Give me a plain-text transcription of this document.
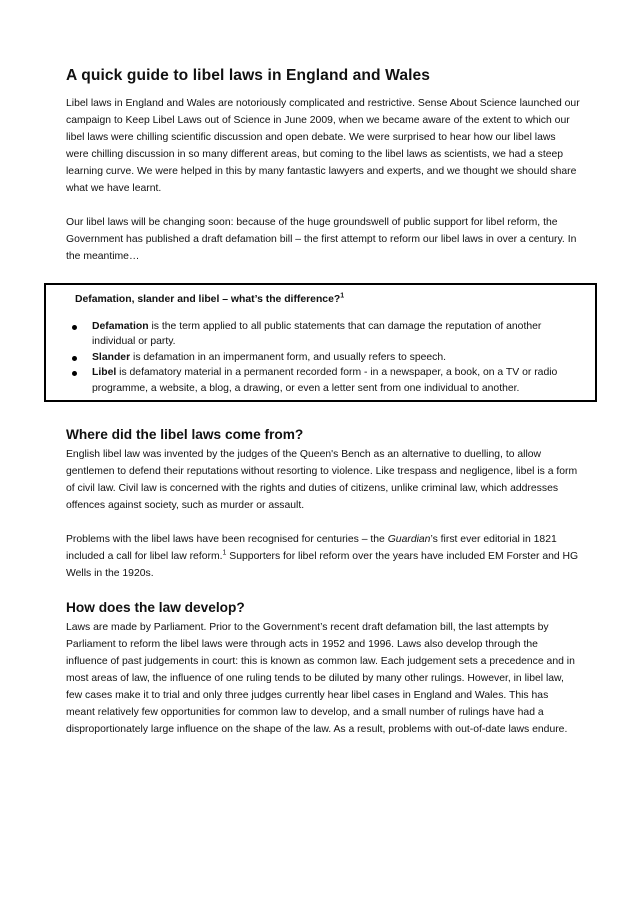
A quick guide to libel laws in England and Wales

Libel laws in England and Wales are notoriously complicated and restrictive. Sense About Science launched our campaign to Keep Libel Laws out of Science in June 2009, when we became aware of the extent to which our libel laws were chilling scientific discussion and open debate. We were surprised to hear how our libel laws were chilling discussion in so many different areas, but coming to the libel laws as scientists, we had a steep learning curve. We were helped in this by many fantastic lawyers and experts, and we thought we should share what we have learnt.

Our libel laws will be changing soon: because of the huge groundswell of public support for libel reform, the Government has published a draft defamation bill – the first attempt to reform our libel laws in over a century. In the meantime…

Defamation, slander and libel – what’s the difference?$^1$
Defamation is the term applied to all public statements that can damage the reputation of another individual or party.
Slander is defamation in an impermanent form, and usually refers to speech.
Libel is defamatory material in a permanent recorded form - in a newspaper, a book, on a TV or radio programme, a website, a blog, a drawing, or even a letter sent from one individual to another.
Where did the libel laws come from?

English libel law was invented by the judges of the Queen's Bench as an alternative to duelling, to allow gentlemen to defend their reputations without resorting to violence. Like trespass and negligence, libel is a form of civil law. Civil law is concerned with the rights and duties of citizens, unlike criminal law, which addresses offences against society, such as murder or assault.

Problems with the libel laws have been recognised for centuries – the Guardian’s first ever editorial in 1821 included a call for libel law reform.$^1$ Supporters for libel reform over the years have included EM Forster and HG Wells in the 1920s.

How does the law develop?

Laws are made by Parliament. Prior to the Government’s recent draft defamation bill, the last attempts by Parliament to reform the libel laws were through acts in 1952 and 1996. Laws also develop through the influence of past judgements in court: this is known as common law. Each judgement sets a precedence and in most areas of law, the influence of one ruling tends to be diluted by many other rulings. However, in libel law, few cases make it to trial and only three judges currently hear libel cases in England and Wales. This has meant relatively few opportunities for common law to develop, and a small number of rulings have had a disproportionately large influence on the shape of the law. As a result, problems with out-of-date laws endure.
